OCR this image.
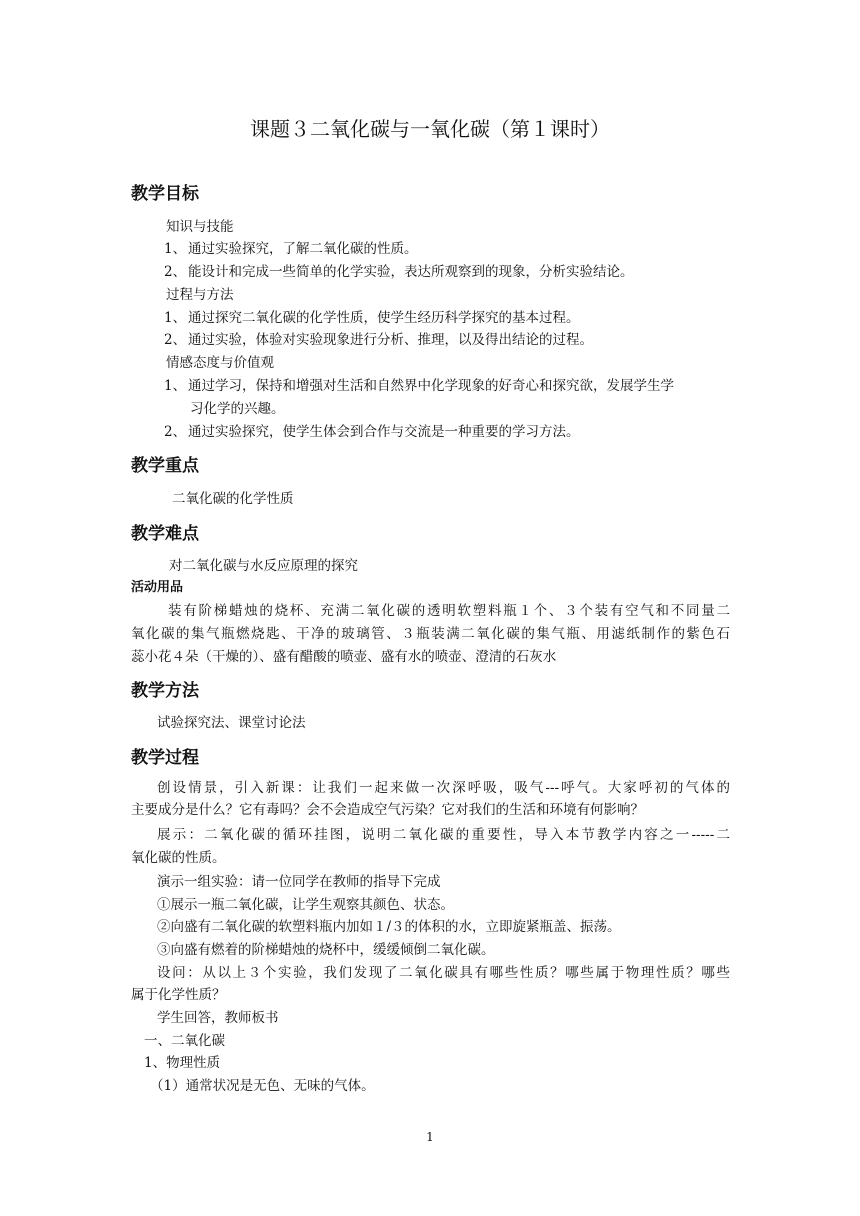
课题３二氧化碳与一氧化碳（第１课时）
教学目标
知识与技能
1、 通过实验探究，了解二氧化碳的性质。
2、 能设计和完成一些简单的化学实验，表达所观察到的现象，分析实验结论。
过程与方法
1、 通过探究二氧化碳的化学性质，使学生经历科学探究的基本过程。
2、 通过实验，体验对实验现象进行分析、推理，以及得出结论的过程。
情感态度与价值观
1、 通过学习，保持和增强对生活和自然界中化学现象的好奇心和探究欲，发展学生学
习化学的兴趣。
2、 通过实验探究，使学生体会到合作与交流是一种重要的学习方法。
教学重点
二氧化碳的化学性质
教学难点
对二氧化碳与水反应原理的探究
活动用品
装有阶梯蜡烛的烧杯、充满二氧化碳的透明软塑料瓶１个、３个装有空气和不同量二
氧化碳的集气瓶燃烧匙、干净的玻璃管、３瓶装满二氧化碳的集气瓶、用滤纸制作的紫色石
蕊小花４朵（干燥的）、盛有醋酸的喷壶、盛有水的喷壶、澄清的石灰水
教学方法
试验探究法、课堂讨论法
教学过程
创设情景，引入新课：让我们一起来做一次深呼吸，吸气---呼气。大家呼初的气体的
主要成分是什么？它有毒吗？会不会造成空气污染？它对我们的生活和环境有何影响？
展示：二氧化碳的循环挂图，说明二氧化碳的重要性，导入本节教学内容之一-----二
氧化碳的性质。
演示一组实验：请一位同学在教师的指导下完成
①展示一瓶二氧化碳，让学生观察其颜色、状态。
②向盛有二氧化碳的软塑料瓶内加如１/３的体积的水，立即旋紧瓶盖、振荡。
③向盛有燃着的阶梯蜡烛的烧杯中，缓缓倾倒二氧化碳。
设问：从以上３个实验，我们发现了二氧化碳具有哪些性质？哪些属于物理性质？哪些
属于化学性质？
学生回答，教师板书
一、二氧化碳
1、物理性质
（1）通常状况是无色、无味的气体。
1
